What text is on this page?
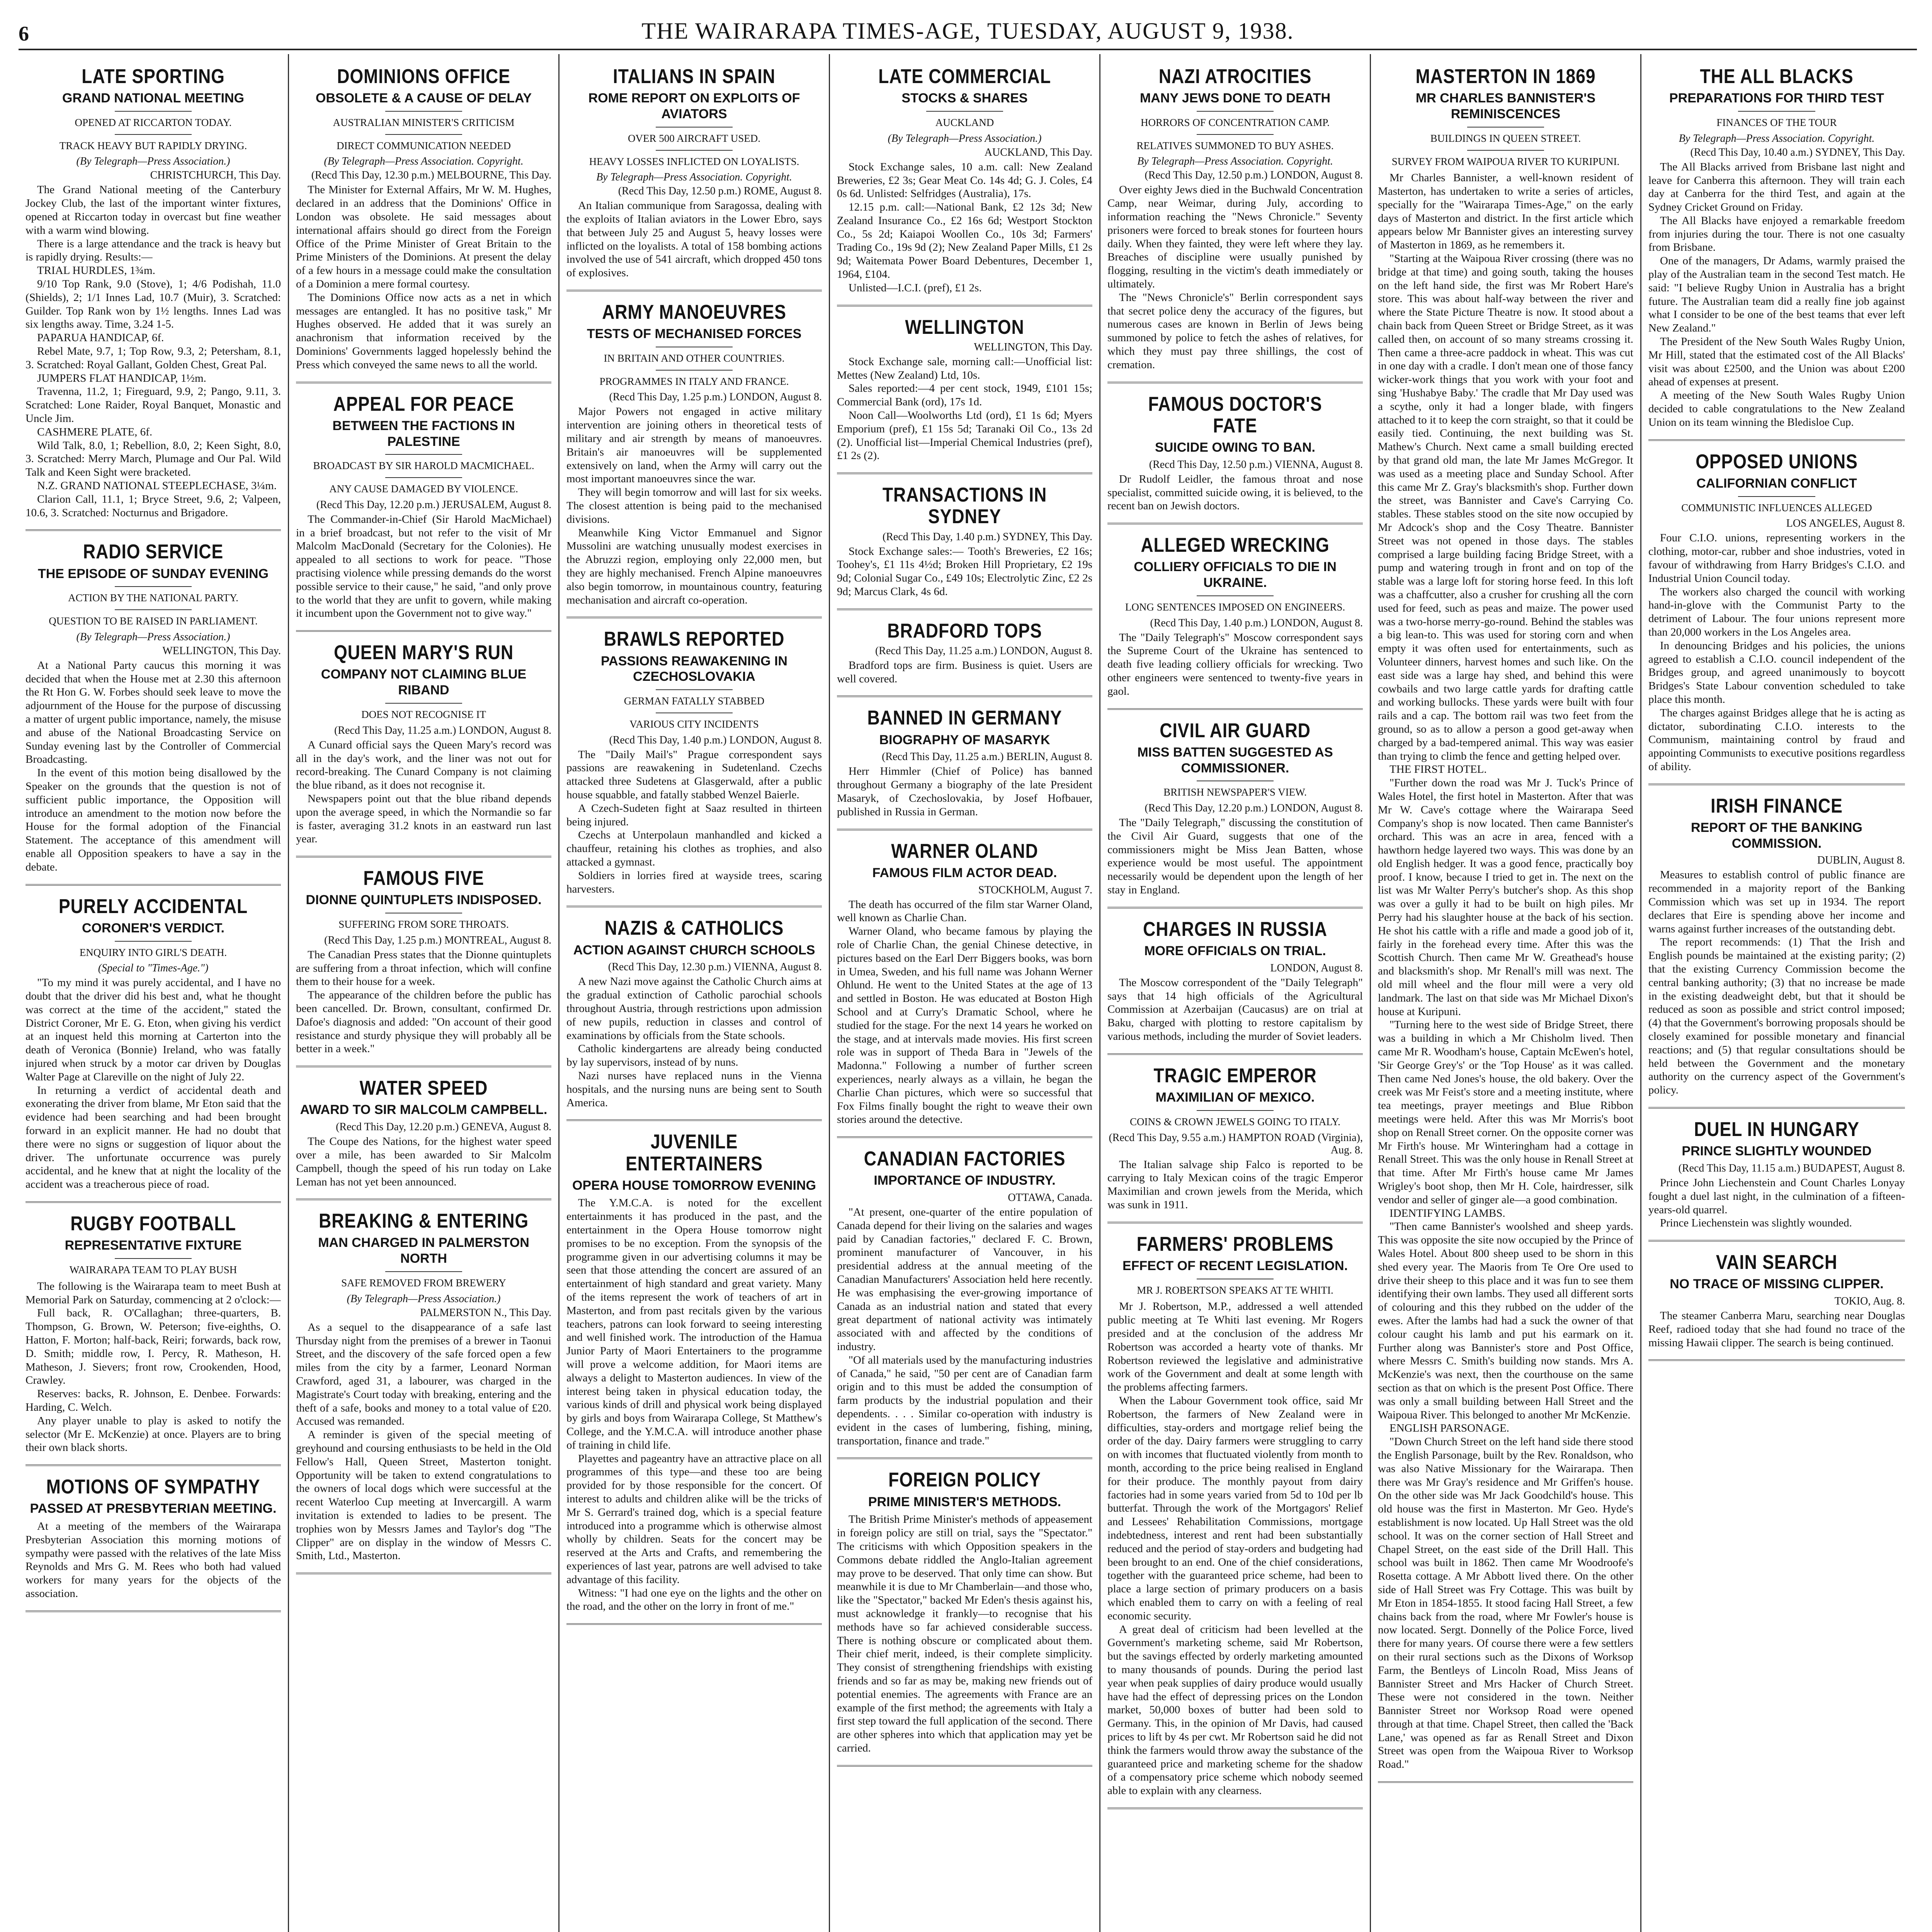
6	THE WAIRARAPA TIMES-AGE, TUESDAY, AUGUST 9, 1938.
LATE SPORTING
GRAND NATIONAL MEETING
OPENED AT RICCARTON TODAY.
TRACK HEAVY BUT RAPIDLY DRYING.
(By Telegraph—Press Association.)
CHRISTCHURCH, This Day.

The Grand National meeting of the Canterbury Jockey Club, the last of the important winter fixtures, opened at Riccarton today in overcast but fine weather with a warm wind blowing.

There is a large attendance and the track is heavy but is rapidly drying. Results:—

TRIAL HURDLES, 1¾m.

9/10 Top Rank, 9.0 (Stove), 1; 4/6 Podishah, 11.0 (Shields), 2; 1/1 Innes Lad, 10.7 (Muir), 3. Scratched: Guilder. Top Rank won by 1½ lengths. Innes Lad was six lengths away. Time, 3.24 1-5.

PAPARUA HANDICAP, 6f.

Rebel Mate, 9.7, 1; Top Row, 9.3, 2; Petersham, 8.1, 3. Scratched: Royal Gallant, Golden Chest, Great Pal.

JUMPERS FLAT HANDICAP, 1½m.

Travenna, 11.2, 1; Fireguard, 9.9, 2; Pango, 9.11, 3. Scratched: Lone Raider, Royal Banquet, Monastic and Uncle Jim.

CASHMERE PLATE, 6f.

Wild Talk, 8.0, 1; Rebellion, 8.0, 2; Keen Sight, 8.0, 3. Scratched: Merry March, Plumage and Our Pal. Wild Talk and Keen Sight were bracketed.

N.Z. GRAND NATIONAL STEEPLECHASE, 3¼m.

Clarion Call, 11.1, 1; Bryce Street, 9.6, 2; Valpeen, 10.6, 3. Scratched: Nocturnus and Brigadore.

RADIO SERVICE
THE EPISODE OF SUNDAY EVENING
ACTION BY THE NATIONAL PARTY.
QUESTION TO BE RAISED IN PARLIAMENT.
(By Telegraph—Press Association.)
WELLINGTON, This Day.

At a National Party caucus this morning it was decided that when the House met at 2.30 this afternoon the Rt Hon G. W. Forbes should seek leave to move the adjournment of the House for the purpose of discussing a matter of urgent public importance, namely, the misuse and abuse of the National Broadcasting Service on Sunday evening last by the Controller of Commercial Broadcasting.

In the event of this motion being disallowed by the Speaker on the grounds that the question is not of sufficient public importance, the Opposition will introduce an amendment to the motion now before the House for the formal adoption of the Financial Statement. The acceptance of this amendment will enable all Opposition speakers to have a say in the debate.

PURELY ACCIDENTAL
CORONER'S VERDICT.
ENQUIRY INTO GIRL'S DEATH.
(Special to "Times-Age.")

"To my mind it was purely accidental, and I have no doubt that the driver did his best and, what he thought was correct at the time of the accident," stated the District Coroner, Mr E. G. Eton, when giving his verdict at an inquest held this morning at Carterton into the death of Veronica (Bonnie) Ireland, who was fatally injured when struck by a motor car driven by Douglas Walter Page at Clareville on the night of July 22.

In returning a verdict of accidental death and exonerating the driver from blame, Mr Eton said that the evidence had been searching and had been brought forward in an explicit manner. He had no doubt that there were no signs or suggestion of liquor about the driver. The unfortunate occurrence was purely accidental, and he knew that at night the locality of the accident was a treacherous piece of road.

RUGBY FOOTBALL
REPRESENTATIVE FIXTURE
WAIRARAPA TEAM TO PLAY BUSH

The following is the Wairarapa team to meet Bush at Memorial Park on Saturday, commencing at 2 o'clock:—

Full back, R. O'Callaghan; three-quarters, B. Thompson, G. Brown, W. Peterson; five-eighths, O. Hatton, F. Morton; half-back, Reiri; forwards, back row, D. Smith; middle row, I. Percy, R. Matheson, H. Matheson, J. Sievers; front row, Crookenden, Hood, Crawley.

Reserves: backs, R. Johnson, E. Denbee. Forwards: Harding, C. Welch.

Any player unable to play is asked to notify the selector (Mr E. McKenzie) at once. Players are to bring their own black shorts.

MOTIONS OF SYMPATHY
PASSED AT PRESBYTERIAN MEETING.

At a meeting of the members of the Wairarapa Presbyterian Association this morning motions of sympathy were passed with the relatives of the late Miss Reynolds and Mrs G. M. Rees who both had valued workers for many years for the objects of the association.

DOMINIONS OFFICE
OBSOLETE & A CAUSE OF DELAY
AUSTRALIAN MINISTER'S CRITICISM
DIRECT COMMUNICATION NEEDED
(By Telegraph—Press Association. Copyright.
(Recd This Day, 12.30 p.m.) MELBOURNE, This Day.

The Minister for External Affairs, Mr W. M. Hughes, declared in an address that the Dominions' Office in London was obsolete. He said messages about international affairs should go direct from the Foreign Office of the Prime Minister of Great Britain to the Prime Ministers of the Dominions. At present the delay of a few hours in a message could make the consultation of a Dominion a mere formal courtesy.

The Dominions Office now acts as a net in which messages are entangled. It has no positive task," Mr Hughes observed. He added that it was surely an anachronism that information received by the Dominions' Governments lagged hopelessly behind the Press which conveyed the same news to all the world.

APPEAL FOR PEACE
BETWEEN THE FACTIONS IN PALESTINE
BROADCAST BY SIR HAROLD MACMICHAEL.
ANY CAUSE DAMAGED BY VIOLENCE.
(Recd This Day, 12.20 p.m.) JERUSALEM, August 8.

The Commander-in-Chief (Sir Harold MacMichael) in a brief broadcast, but not refer to the visit of Mr Malcolm MacDonald (Secretary for the Colonies). He appealed to all sections to work for peace. "Those practising violence while pressing demands do the worst possible service to their cause," he said, "and only prove to the world that they are unfit to govern, while making it incumbent upon the Government not to give way."

QUEEN MARY'S RUN
COMPANY NOT CLAIMING BLUE RIBAND
DOES NOT RECOGNISE IT
(Recd This Day, 11.25 a.m.) LONDON, August 8.

A Cunard official says the Queen Mary's record was all in the day's work, and the liner was not out for record-breaking. The Cunard Company is not claiming the blue riband, as it does not recognise it.

Newspapers point out that the blue riband depends upon the average speed, in which the Normandie so far is faster, averaging 31.2 knots in an eastward run last year.

FAMOUS FIVE
DIONNE QUINTUPLETS INDISPOSED.
SUFFERING FROM SORE THROATS.
(Recd This Day, 1.25 p.m.) MONTREAL, August 8.

The Canadian Press states that the Dionne quintuplets are suffering from a throat infection, which will confine them to their house for a week.

The appearance of the children before the public has been cancelled. Dr. Brown, consultant, confirmed Dr. Dafoe's diagnosis and added: "On account of their good resistance and sturdy physique they will probably all be better in a week."

WATER SPEED
AWARD TO SIR MALCOLM CAMPBELL.
(Recd This Day, 12.20 p.m.) GENEVA, August 8.

The Coupe des Nations, for the highest water speed over a mile, has been awarded to Sir Malcolm Campbell, though the speed of his run today on Lake Leman has not yet been announced.

BREAKING & ENTERING
MAN CHARGED IN PALMERSTON NORTH
SAFE REMOVED FROM BREWERY
(By Telegraph—Press Association.)
PALMERSTON N., This Day.

As a sequel to the disappearance of a safe last Thursday night from the premises of a brewer in Taonui Street, and the discovery of the safe forced open a few miles from the city by a farmer, Leonard Norman Crawford, aged 31, a labourer, was charged in the Magistrate's Court today with breaking, entering and the theft of a safe, books and money to a total value of £20. Accused was remanded.

A reminder is given of the special meeting of greyhound and coursing enthusiasts to be held in the Old Fellow's Hall, Queen Street, Masterton tonight. Opportunity will be taken to extend congratulations to the owners of local dogs which were successful at the recent Waterloo Cup meeting at Invercargill. A warm invitation is extended to ladies to be present. The trophies won by Messrs James and Taylor's dog "The Clipper" are on display in the window of Messrs C. Smith, Ltd., Masterton.

ITALIANS IN SPAIN
ROME REPORT ON EXPLOITS OF AVIATORS
OVER 500 AIRCRAFT USED.
HEAVY LOSSES INFLICTED ON LOYALISTS.
By Telegraph—Press Association. Copyright.
(Recd This Day, 12.50 p.m.) ROME, August 8.

An Italian communique from Saragossa, dealing with the exploits of Italian aviators in the Lower Ebro, says that between July 25 and August 5, heavy losses were inflicted on the loyalists. A total of 158 bombing actions involved the use of 541 aircraft, which dropped 450 tons of explosives.

ARMY MANOEUVRES
TESTS OF MECHANISED FORCES
IN BRITAIN AND OTHER COUNTRIES.
PROGRAMMES IN ITALY AND FRANCE.
(Recd This Day, 1.25 p.m.) LONDON, August 8.

Major Powers not engaged in active military intervention are joining others in theoretical tests of military and air strength by means of manoeuvres. Britain's air manoeuvres will be supplemented extensively on land, when the Army will carry out the most important manoeuvres since the war.

They will begin tomorrow and will last for six weeks. The closest attention is being paid to the mechanised divisions.

Meanwhile King Victor Emmanuel and Signor Mussolini are watching unusually modest exercises in the Abruzzi region, employing only 22,000 men, but they are highly mechanised. French Alpine manoeuvres also begin tomorrow, in mountainous country, featuring mechanisation and aircraft co-operation.

BRAWLS REPORTED
PASSIONS REAWAKENING IN CZECHOSLOVAKIA
GERMAN FATALLY STABBED
VARIOUS CITY INCIDENTS
(Recd This Day, 1.40 p.m.) LONDON, August 8.

The "Daily Mail's" Prague correspondent says passions are reawakening in Sudetenland. Czechs attacked three Sudetens at Glasgerwald, after a public house squabble, and fatally stabbed Wenzel Baierle.

A Czech-Sudeten fight at Saaz resulted in thirteen being injured.

Czechs at Unterpolaun manhandled and kicked a chauffeur, retaining his clothes as trophies, and also attacked a gymnast.

Soldiers in lorries fired at wayside trees, scaring harvesters.

NAZIS & CATHOLICS
ACTION AGAINST CHURCH SCHOOLS
(Recd This Day, 12.30 p.m.) VIENNA, August 8.

A new Nazi move against the Catholic Church aims at the gradual extinction of Catholic parochial schools throughout Austria, through restrictions upon admission of new pupils, reduction in classes and control of examinations by officials from the State schools.

Catholic kindergartens are already being conducted by lay supervisors, instead of by nuns.

Nazi nurses have replaced nuns in the Vienna hospitals, and the nursing nuns are being sent to South America.

JUVENILE ENTERTAINERS
OPERA HOUSE TOMORROW EVENING

The Y.M.C.A. is noted for the excellent entertainments it has produced in the past, and the entertainment in the Opera House tomorrow night promises to be no exception. From the synopsis of the programme given in our advertising columns it may be seen that those attending the concert are assured of an entertainment of high standard and great variety. Many of the items represent the work of teachers of art in Masterton, and from past recitals given by the various teachers, patrons can look forward to seeing interesting and well finished work. The introduction of the Hamua Junior Party of Maori Entertainers to the programme will prove a welcome addition, for Maori items are always a delight to Masterton audiences. In view of the interest being taken in physical education today, the various kinds of drill and physical work being displayed by girls and boys from Wairarapa College, St Matthew's College, and the Y.M.C.A. will introduce another phase of training in child life.

Playettes and pageantry have an attractive place on all programmes of this type—and these too are being provided for by those responsible for the concert. Of interest to adults and children alike will be the tricks of Mr S. Gerrard's trained dog, which is a special feature introduced into a programme which is otherwise almost wholly by children. Seats for the concert may be reserved at the Arts and Crafts, and remembering the experiences of last year, patrons are well advised to take advantage of this facility.

Witness: "I had one eye on the lights and the other on the road, and the other on the lorry in front of me."

LATE COMMERCIAL
STOCKS & SHARES
AUCKLAND
(By Telegraph—Press Association.)
AUCKLAND, This Day.

Stock Exchange sales, 10 a.m. call: New Zealand Breweries, £2 3s; Gear Meat Co. 14s 4d; G. J. Coles, £4 0s 6d. Unlisted: Selfridges (Australia), 17s.

12.15 p.m. call:—National Bank, £2 12s 3d; New Zealand Insurance Co., £2 16s 6d; Westport Stockton Co., 5s 2d; Kaiapoi Woollen Co., 10s 3d; Farmers' Trading Co., 19s 9d (2); New Zealand Paper Mills, £1 2s 9d; Waitemata Power Board Debentures, December 1, 1964, £104.

Unlisted—I.C.I. (pref), £1 2s.

WELLINGTON
WELLINGTON, This Day.

Stock Exchange sale, morning call:—Unofficial list: Mettes (New Zealand) Ltd, 10s.

Sales reported:—4 per cent stock, 1949, £101 15s; Commercial Bank (ord), 17s 1d.

Noon Call—Woolworths Ltd (ord), £1 1s 6d; Myers Emporium (pref), £1 15s 5d; Taranaki Oil Co., 13s 2d (2). Unofficial list—Imperial Chemical Industries (pref), £1 2s (2).

TRANSACTIONS IN SYDNEY
(Recd This Day, 1.40 p.m.) SYDNEY, This Day.

Stock Exchange sales:— Tooth's Breweries, £2 16s; Toohey's, £1 11s 4½d; Broken Hill Proprietary, £2 19s 9d; Colonial Sugar Co., £49 10s; Electrolytic Zinc, £2 2s 9d; Marcus Clark, 4s 6d.

BRADFORD TOPS
(Recd This Day, 11.25 a.m.) LONDON, August 8.

Bradford tops are firm. Business is quiet. Users are well covered.

BANNED IN GERMANY
BIOGRAPHY OF MASARYK
(Recd This Day, 11.25 a.m.) BERLIN, August 8.

Herr Himmler (Chief of Police) has banned throughout Germany a biography of the late President Masaryk, of Czechoslovakia, by Josef Hofbauer, published in Russia in German.

WARNER OLAND
FAMOUS FILM ACTOR DEAD.
STOCKHOLM, August 7.

The death has occurred of the film star Warner Oland, well known as Charlie Chan.

Warner Oland, who became famous by playing the role of Charlie Chan, the genial Chinese detective, in pictures based on the Earl Derr Biggers books, was born in Umea, Sweden, and his full name was Johann Werner Ohlund. He went to the United States at the age of 13 and settled in Boston. He was educated at Boston High School and at Curry's Dramatic School, where he studied for the stage. For the next 14 years he worked on the stage, and at intervals made movies. His first screen role was in support of Theda Bara in "Jewels of the Madonna." Following a number of further screen experiences, nearly always as a villain, he began the Charlie Chan pictures, which were so successful that Fox Films finally bought the right to weave their own stories around the detective.

CANADIAN FACTORIES
IMPORTANCE OF INDUSTRY.
OTTAWA, Canada.

"At present, one-quarter of the entire population of Canada depend for their living on the salaries and wages paid by Canadian factories," declared F. C. Brown, prominent manufacturer of Vancouver, in his presidential address at the annual meeting of the Canadian Manufacturers' Association held here recently. He was emphasising the ever-growing importance of Canada as an industrial nation and stated that every great department of national activity was intimately associated with and affected by the conditions of industry.

"Of all materials used by the manufacturing industries of Canada," he said, "50 per cent are of Canadian farm origin and to this must be added the consumption of farm products by the industrial population and their dependents. . . . Similar co-operation with industry is evident in the cases of lumbering, fishing, mining, transportation, finance and trade."

FOREIGN POLICY
PRIME MINISTER'S METHODS.

The British Prime Minister's methods of appeasement in foreign policy are still on trial, says the "Spectator." The criticisms with which Opposition speakers in the Commons debate riddled the Anglo-Italian agreement may prove to be deserved. That only time can show. But meanwhile it is due to Mr Chamberlain—and those who, like the "Spectator," backed Mr Eden's thesis against his, must acknowledge it frankly—to recognise that his methods have so far achieved considerable success. There is nothing obscure or complicated about them. Their chief merit, indeed, is their complete simplicity. They consist of strengthening friendships with existing friends and so far as may be, making new friends out of potential enemies. The agreements with France are an example of the first method; the agreements with Italy a first step toward the full application of the second. There are other spheres into which that application may yet be carried.

NAZI ATROCITIES
MANY JEWS DONE TO DEATH
HORRORS OF CONCENTRATION CAMP.
RELATIVES SUMMONED TO BUY ASHES.
By Telegraph—Press Association. Copyright.
(Recd This Day, 12.50 p.m.) LONDON, August 8.

Over eighty Jews died in the Buchwald Concentration Camp, near Weimar, during July, according to information reaching the "News Chronicle." Seventy prisoners were forced to break stones for fourteen hours daily. When they fainted, they were left where they lay. Breaches of discipline were usually punished by flogging, resulting in the victim's death immediately or ultimately.

The "News Chronicle's" Berlin correspondent says that secret police deny the accuracy of the figures, but numerous cases are known in Berlin of Jews being summoned by police to fetch the ashes of relatives, for which they must pay three shillings, the cost of cremation.

FAMOUS DOCTOR'S FATE
SUICIDE OWING TO BAN.
(Recd This Day, 12.50 p.m.) VIENNA, August 8.

Dr Rudolf Leidler, the famous throat and nose specialist, committed suicide owing, it is believed, to the recent ban on Jewish doctors.

ALLEGED WRECKING
COLLIERY OFFICIALS TO DIE IN UKRAINE.
LONG SENTENCES IMPOSED ON ENGINEERS.
(Recd This Day, 1.40 p.m.) LONDON, August 8.

The "Daily Telegraph's" Moscow correspondent says the Supreme Court of the Ukraine has sentenced to death five leading colliery officials for wrecking. Two other engineers were sentenced to twenty-five years in gaol.

CIVIL AIR GUARD
MISS BATTEN SUGGESTED AS COMMISSIONER.
BRITISH NEWSPAPER'S VIEW.
(Recd This Day, 12.20 p.m.) LONDON, August 8.

The "Daily Telegraph," discussing the constitution of the Civil Air Guard, suggests that one of the commissioners might be Miss Jean Batten, whose experience would be most useful. The appointment necessarily would be dependent upon the length of her stay in England.

CHARGES IN RUSSIA
MORE OFFICIALS ON TRIAL.
LONDON, August 8.

The Moscow correspondent of the "Daily Telegraph" says that 14 high officials of the Agricultural Commission at Azerbaijan (Caucasus) are on trial at Baku, charged with plotting to restore capitalism by various methods, including the murder of Soviet leaders.

TRAGIC EMPEROR
MAXIMILIAN OF MEXICO.
COINS & CROWN JEWELS GOING TO ITALY.
(Recd This Day, 9.55 a.m.) HAMPTON ROAD (Virginia), Aug. 8.

The Italian salvage ship Falco is reported to be carrying to Italy Mexican coins of the tragic Emperor Maximilian and crown jewels from the Merida, which was sunk in 1911.

FARMERS' PROBLEMS
EFFECT OF RECENT LEGISLATION.
MR J. ROBERTSON SPEAKS AT TE WHITI.

Mr J. Robertson, M.P., addressed a well attended public meeting at Te Whiti last evening. Mr Rogers presided and at the conclusion of the address Mr Robertson was accorded a hearty vote of thanks. Mr Robertson reviewed the legislative and administrative work of the Government and dealt at some length with the problems affecting farmers.

When the Labour Government took office, said Mr Robertson, the farmers of New Zealand were in difficulties, stay-orders and mortgage relief being the order of the day. Dairy farmers were struggling to carry on with incomes that fluctuated violently from month to month, according to the price being realised in England for their produce. The monthly payout from dairy factories had in some years varied from 5d to 10d per lb butterfat. Through the work of the Mortgagors' Relief and Lessees' Rehabilitation Commissions, mortgage indebtedness, interest and rent had been substantially reduced and the period of stay-orders and budgeting had been brought to an end. One of the chief considerations, together with the guaranteed price scheme, had been to place a large section of primary producers on a basis which enabled them to carry on with a feeling of real economic security.

A great deal of criticism had been levelled at the Government's marketing scheme, said Mr Robertson, but the savings effected by orderly marketing amounted to many thousands of pounds. During the period last year when peak supplies of dairy produce would usually have had the effect of depressing prices on the London market, 50,000 boxes of butter had been sold to Germany. This, in the opinion of Mr Davis, had caused prices to lift by 4s per cwt. Mr Robertson said he did not think the farmers would throw away the substance of the guaranteed price and marketing scheme for the shadow of a compensatory price scheme which nobody seemed able to explain with any clearness.

MASTERTON IN 1869
MR CHARLES BANNISTER'S REMINISCENCES
BUILDINGS IN QUEEN STREET.
SURVEY FROM WAIPOUA RIVER TO KURIPUNI.

Mr Charles Bannister, a well-known resident of Masterton, has undertaken to write a series of articles, specially for the "Wairarapa Times-Age," on the early days of Masterton and district. In the first article which appears below Mr Bannister gives an interesting survey of Masterton in 1869, as he remembers it.

"Starting at the Waipoua River crossing (there was no bridge at that time) and going south, taking the houses on the left hand side, the first was Mr Robert Hare's store. This was about half-way between the river and where the State Picture Theatre is now. It stood about a chain back from Queen Street or Bridge Street, as it was called then, on account of so many streams crossing it. Then came a three-acre paddock in wheat. This was cut in one day with a cradle. I don't mean one of those fancy wicker-work things that you work with your foot and sing 'Hushabye Baby.' The cradle that Mr Day used was a scythe, only it had a longer blade, with fingers attached to it to keep the corn straight, so that it could be easily tied. Continuing, the next building was St. Mathew's Church. Next came a small building erected by that grand old man, the late Mr James McGregor. It was used as a meeting place and Sunday School. After this came Mr Z. Gray's blacksmith's shop. Further down the street, was Bannister and Cave's Carrying Co. stables. These stables stood on the site now occupied by Mr Adcock's shop and the Cosy Theatre. Bannister Street was not opened in those days. The stables comprised a large building facing Bridge Street, with a pump and watering trough in front and on top of the stable was a large loft for storing horse feed. In this loft was a chaffcutter, also a crusher for crushing all the corn used for feed, such as peas and maize. The power used was a two-horse merry-go-round. Behind the stables was a big lean-to. This was used for storing corn and when empty it was often used for entertainments, such as Volunteer dinners, harvest homes and such like. On the east side was a large hay shed, and behind this were cowbails and two large cattle yards for drafting cattle and working bullocks. These yards were built with four rails and a cap. The bottom rail was two feet from the ground, so as to allow a person a good get-away when charged by a bad-tempered animal. This way was easier than trying to climb the fence and getting helped over.

THE FIRST HOTEL.

"Further down the road was Mr J. Tuck's Prince of Wales Hotel, the first hotel in Masterton. After that was Mr W. Cave's cottage where the Wairarapa Seed Company's shop is now located. Then came Bannister's orchard. This was an acre in area, fenced with a hawthorn hedge layered two ways. This was done by an old English hedger. It was a good fence, practically boy proof. I know, because I tried to get in. The next on the list was Mr Walter Perry's butcher's shop. As this shop was over a gully it had to be built on high piles. Mr Perry had his slaughter house at the back of his section. He shot his cattle with a rifle and made a good job of it, fairly in the forehead every time. After this was the Scottish Church. Then came Mr W. Greathead's house and blacksmith's shop. Mr Renall's mill was next. The old mill wheel and the flour mill were a very old landmark. The last on that side was Mr Michael Dixon's house at Kuripuni.

"Turning here to the west side of Bridge Street, there was a building in which a Mr Chisholm lived. Then came Mr R. Woodham's house, Captain McEwen's hotel, 'Sir George Grey's' or the 'Top House' as it was called. Then came Ned Jones's house, the old bakery. Over the creek was Mr Feist's store and a meeting institute, where tea meetings, prayer meetings and Blue Ribbon meetings were held. After this was Mr Morris's boot shop on Renall Street corner. On the opposite corner was Mr Firth's house. Mr Winteringham had a cottage in Renall Street. This was the only house in Renall Street at that time. After Mr Firth's house came Mr James Wrigley's boot shop, then Mr H. Cole, hairdresser, silk vendor and seller of ginger ale—a good combination.

IDENTIFYING LAMBS.

"Then came Bannister's woolshed and sheep yards. This was opposite the site now occupied by the Prince of Wales Hotel. About 800 sheep used to be shorn in this shed every year. The Maoris from Te Ore Ore used to drive their sheep to this place and it was fun to see them identifying their own lambs. They used all different sorts of colouring and this they rubbed on the udder of the ewes. After the lambs had had a suck the owner of that colour caught his lamb and put his earmark on it. Further along was Bannister's store and Post Office, where Messrs C. Smith's building now stands. Mrs A. McKenzie's was next, then the courthouse on the same section as that on which is the present Post Office. There was only a small building between Hall Street and the Waipoua River. This belonged to another Mr McKenzie.

ENGLISH PARSONAGE.

"Down Church Street on the left hand side there stood the English Parsonage, built by the Rev. Ronaldson, who was also Native Missionary for the Wairarapa. Then there was Mr Gray's residence and Mr Griffen's house. On the other side was Mr Jack Goodchild's house. This old house was the first in Masterton. Mr Geo. Hyde's establishment is now located. Up Hall Street was the old school. It was on the corner section of Hall Street and Chapel Street, on the east side of the Drill Hall. This school was built in 1862. Then came Mr Woodroofe's Rosetta cottage. A Mr Abbott lived there. On the other side of Hall Street was Fry Cottage. This was built by Mr Eton in 1854-1855. It stood facing Hall Street, a few chains back from the road, where Mr Fowler's house is now located. Sergt. Donnelly of the Police Force, lived there for many years. Of course there were a few settlers on their rural sections such as the Dixons of Worksop Farm, the Bentleys of Lincoln Road, Miss Jeans of Bannister Street and Mrs Hacker of Church Street. These were not considered in the town. Neither Bannister Street nor Worksop Road were opened through at that time. Chapel Street, then called the 'Back Lane,' was opened as far as Renall Street and Dixon Street was open from the Waipoua River to Worksop Road."

THE ALL BLACKS
PREPARATIONS FOR THIRD TEST
FINANCES OF THE TOUR
By Telegraph—Press Association. Copyright.
(Recd This Day, 10.40 a.m.) SYDNEY, This Day.

The All Blacks arrived from Brisbane last night and leave for Canberra this afternoon. They will train each day at Canberra for the third Test, and again at the Sydney Cricket Ground on Friday.

The All Blacks have enjoyed a remarkable freedom from injuries during the tour. There is not one casualty from Brisbane.

One of the managers, Dr Adams, warmly praised the play of the Australian team in the second Test match. He said: "I believe Rugby Union in Australia has a bright future. The Australian team did a really fine job against what I consider to be one of the best teams that ever left New Zealand."

The President of the New South Wales Rugby Union, Mr Hill, stated that the estimated cost of the All Blacks' visit was about £2500, and the Union was about £200 ahead of expenses at present.

A meeting of the New South Wales Rugby Union decided to cable congratulations to the New Zealand Union on its team winning the Bledisloe Cup.

OPPOSED UNIONS
CALIFORNIAN CONFLICT
COMMUNISTIC INFLUENCES ALLEGED
LOS ANGELES, August 8.

Four C.I.O. unions, representing workers in the clothing, motor-car, rubber and shoe industries, voted in favour of withdrawing from Harry Bridges's C.I.O. and Industrial Union Council today.

The workers also charged the council with working hand-in-glove with the Communist Party to the detriment of Labour. The four unions represent more than 20,000 workers in the Los Angeles area.

In denouncing Bridges and his policies, the unions agreed to establish a C.I.O. council independent of the Bridges group, and agreed unanimously to boycott Bridges's State Labour convention scheduled to take place this month.

The charges against Bridges allege that he is acting as dictator, subordinating C.I.O. interests to the Communism, maintaining control by fraud and appointing Communists to executive positions regardless of ability.

IRISH FINANCE
REPORT OF THE BANKING COMMISSION.
DUBLIN, August 8.

Measures to establish control of public finance are recommended in a majority report of the Banking Commission which was set up in 1934. The report declares that Eire is spending above her income and warns against further increases of the outstanding debt.

The report recommends: (1) That the Irish and English pounds be maintained at the existing parity; (2) that the existing Currency Commission become the central banking authority; (3) that no increase be made in the existing deadweight debt, but that it should be reduced as soon as possible and strict control imposed; (4) that the Government's borrowing proposals should be closely examined for possible monetary and financial reactions; and (5) that regular consultations should be held between the Government and the monetary authority on the currency aspect of the Government's policy.

DUEL IN HUNGARY
PRINCE SLIGHTLY WOUNDED
(Recd This Day, 11.15 a.m.) BUDAPEST, August 8.

Prince John Liechenstein and Count Charles Lonyay fought a duel last night, in the culmination of a fifteen-years-old quarrel.

Prince Liechenstein was slightly wounded.

VAIN SEARCH
NO TRACE OF MISSING CLIPPER.
TOKIO, Aug. 8.

The steamer Canberra Maru, searching near Douglas Reef, radioed today that she had found no trace of the missing Hawaii clipper. The search is being continued.
